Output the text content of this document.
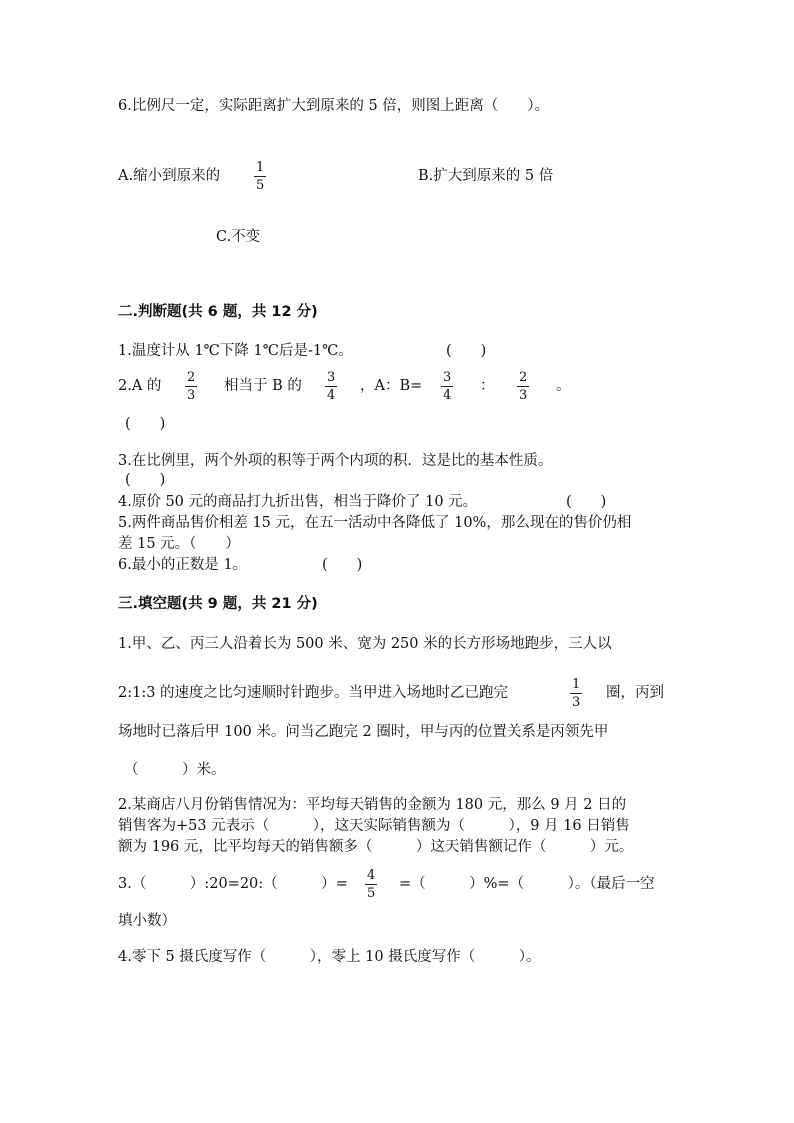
6.比例尺一定，实际距离扩大到原来的 5 倍，则图上距离（　　）。
A.缩小到原来的
1
5
B.扩大到原来的 5 倍
C.不变
二.判断题(共 6 题，共 12 分)
1.温度计从 1℃下降 1℃后是-1℃。	(　　)
2.A 的
2
3
相当于 B 的
3
4
，A：B=
3
4
：
2
3
。
(　　)
3.在比例里，两个外项的积等于两个内项的积．这是比的基本性质。
(　　)
4.原价 50 元的商品打九折出售，相当于降价了 10 元。	(　　)
5.两件商品售价相差 15 元，在五一活动中各降低了 10%，那么现在的售价仍相
差 15 元。（　　）
6.最小的正数是 1。	(　　)
三.填空题(共 9 题，共 21 分)
1.甲、乙、丙三人沿着长为 500 米、宽为 250 米的长方形场地跑步，三人以
2:1:3 的速度之比匀速顺时针跑步。当甲进入场地时乙已跑完
1
3
圈，丙到
场地时已落后甲 100 米。问当乙跑完 2 圈时，甲与丙的位置关系是丙领先甲
（　　　）米。
2.某商店八月份销售情况为：平均每天销售的金额为 180 元，那么 9 月 2 日的
销售客为+53 元表示（　　　），这天实际销售额为（　　　），9 月 16 日销售
额为 196 元，比平均每天的销售额多（　　　）这天销售额记作（　　　）元。
3.（　　　）:20=20:（　　　）=
4
5
=（　　　）%=（　　　）。（最后一空
填小数）
4.零下 5 摄氏度写作（　　　），零上 10 摄氏度写作（　　　）。
